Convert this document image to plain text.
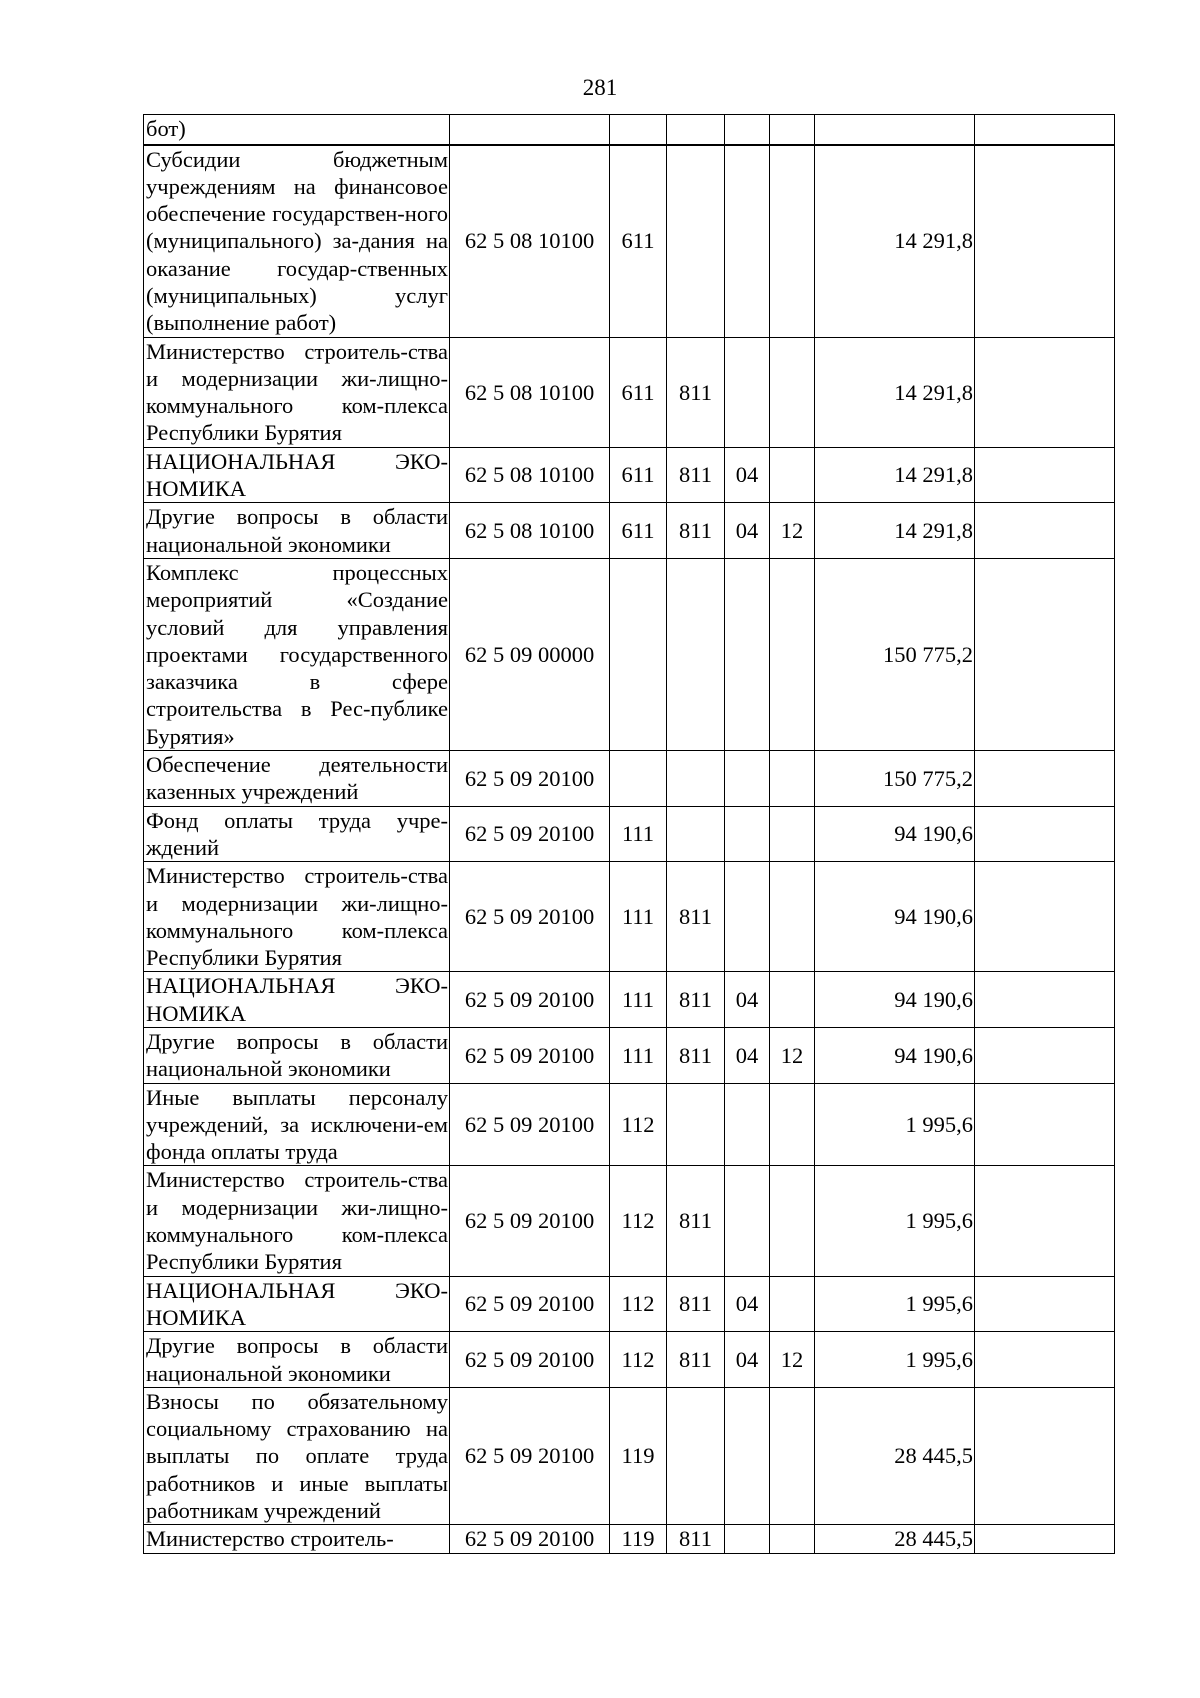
281
бот)							
Субсидии бюджетным учреждениям на финансовое обеспечение государствен-ного (муниципального) за-дания на оказание государ-ственных (муниципальных) услуг (выполнение работ)	62 5 08 10100	611				14 291,8	
Министерство строитель-ства и модернизации жи-лищно-коммунального ком-плекса Республики Бурятия	62 5 08 10100	611	811			14 291,8	
НАЦИОНАЛЬНАЯ ЭКО-НОМИКА	62 5 08 10100	611	811	04		14 291,8	
Другие вопросы в области национальной экономики	62 5 08 10100	611	811	04	12	14 291,8	
Комплекс процессных мероприятий «Создание условий для управления проектами государственного заказчика в сфере строительства в Рес-публике Бурятия»	62 5 09 00000					150 775,2	
Обеспечение деятельности казенных учреждений	62 5 09 20100					150 775,2	
Фонд оплаты труда учре-ждений	62 5 09 20100	111				94 190,6	
Министерство строитель-ства и модернизации жи-лищно-коммунального ком-плекса Республики Бурятия	62 5 09 20100	111	811			94 190,6	
НАЦИОНАЛЬНАЯ ЭКО-НОМИКА	62 5 09 20100	111	811	04		94 190,6	
Другие вопросы в области национальной экономики	62 5 09 20100	111	811	04	12	94 190,6	
Иные выплаты персоналу учреждений, за исключени-ем фонда оплаты труда	62 5 09 20100	112				1 995,6	
Министерство строитель-ства и модернизации жи-лищно-коммунального ком-плекса Республики Бурятия	62 5 09 20100	112	811			1 995,6	
НАЦИОНАЛЬНАЯ ЭКО-НОМИКА	62 5 09 20100	112	811	04		1 995,6	
Другие вопросы в области национальной экономики	62 5 09 20100	112	811	04	12	1 995,6	
Взносы по обязательному социальному страхованию на выплаты по оплате труда работников и иные выплаты работникам учреждений	62 5 09 20100	119				28 445,5	
Министерство строитель-	62 5 09 20100	119	811			28 445,5	
